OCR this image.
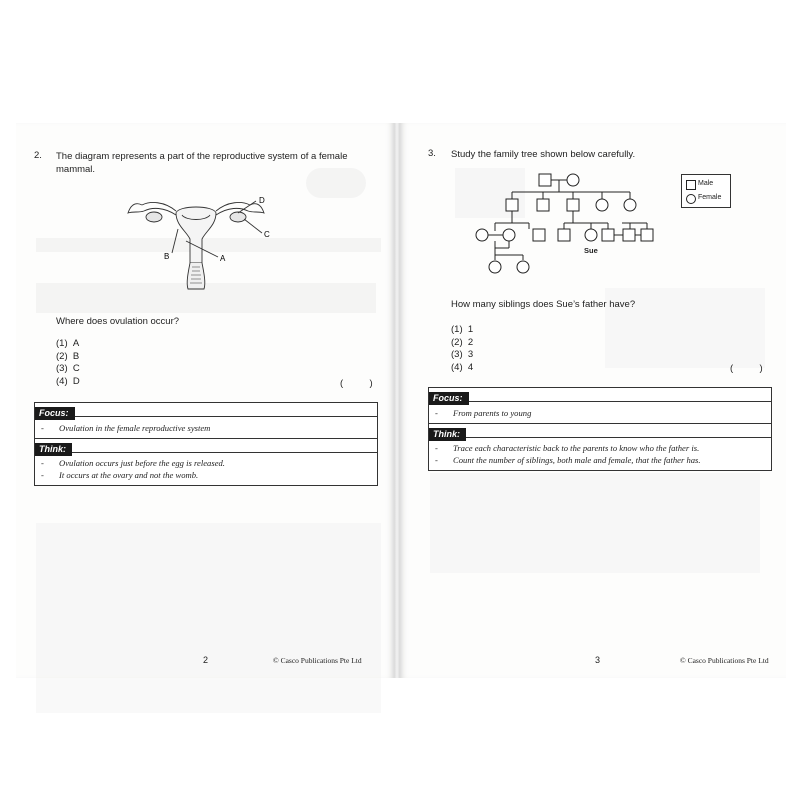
2. The diagram represents a part of the reproductive system of a female
mammal.
D
C
A
B
Where does ovulation occur?
(1) A
(2) B
(3) C
(4) D	(          )
Focus:
-	Ovulation in the female reproductive system
Think:
-	Ovulation occurs just before the egg is released.
-	It occurs at the ovary and not the womb.
2	© Casco Publications Pte Ltd
3. Study the family tree shown below carefully.
Sue
Male
Female
How many siblings does Sue’s father have?
(1) 1
(2) 2
(3) 3
(4) 4	(          )
Focus:
-	From parents to young
Think:
-	Trace each characteristic back to the parents to know who the father is.
-	Count the number of siblings, both male and female, that the father has.
3	© Casco Publications Pte Ltd
